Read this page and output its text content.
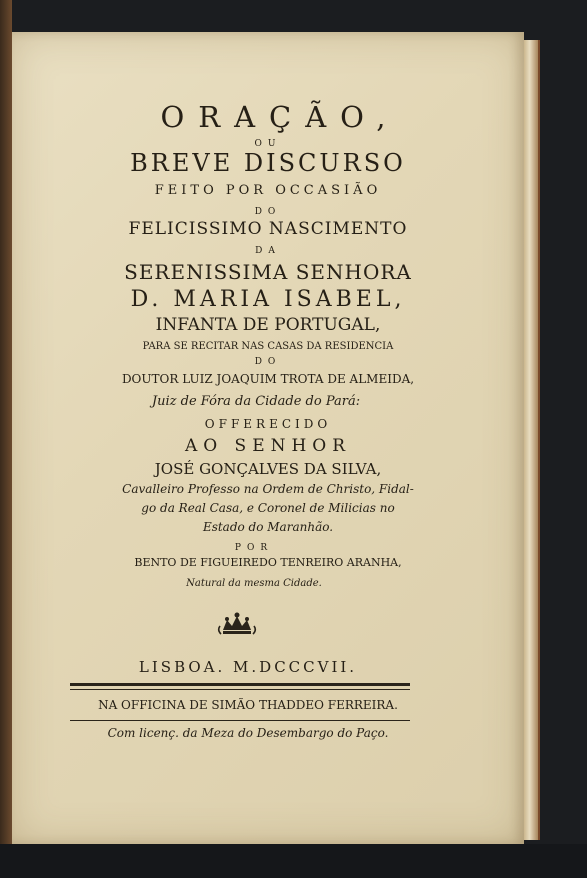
ORAÇÃO,
OU
BREVE DISCURSO
FEITO POR OCCASIÃO
DO
FELICISSIMO NASCIMENTO
DA
SERENISSIMA SENHORA
D. MARIA ISABEL,
INFANTA DE PORTUGAL,
PARA SE RECITAR NAS CASAS DA RESIDENCIA
DO
DOUTOR LUIZ JOAQUIM TROTA DE ALMEIDA,
Juiz de Fóra da Cidade do Pará:
OFFERECIDO
AO SENHOR
JOSÉ GONÇALVES DA SILVA,
Cavalleiro Professo na Ordem de Christo, Fidal-
go da Real Casa, e Coronel de Milicias no
Estado do Maranhão.
POR
BENTO DE FIGUEIREDO TENREIRO ARANHA,
Natural da mesma Cidade.
LISBOA. M.DCCCVII.
NA OFFICINA DE SIMÃO THADDEO FERREIRA.
Com licenç. da Meza do Desembargo do Paço.
